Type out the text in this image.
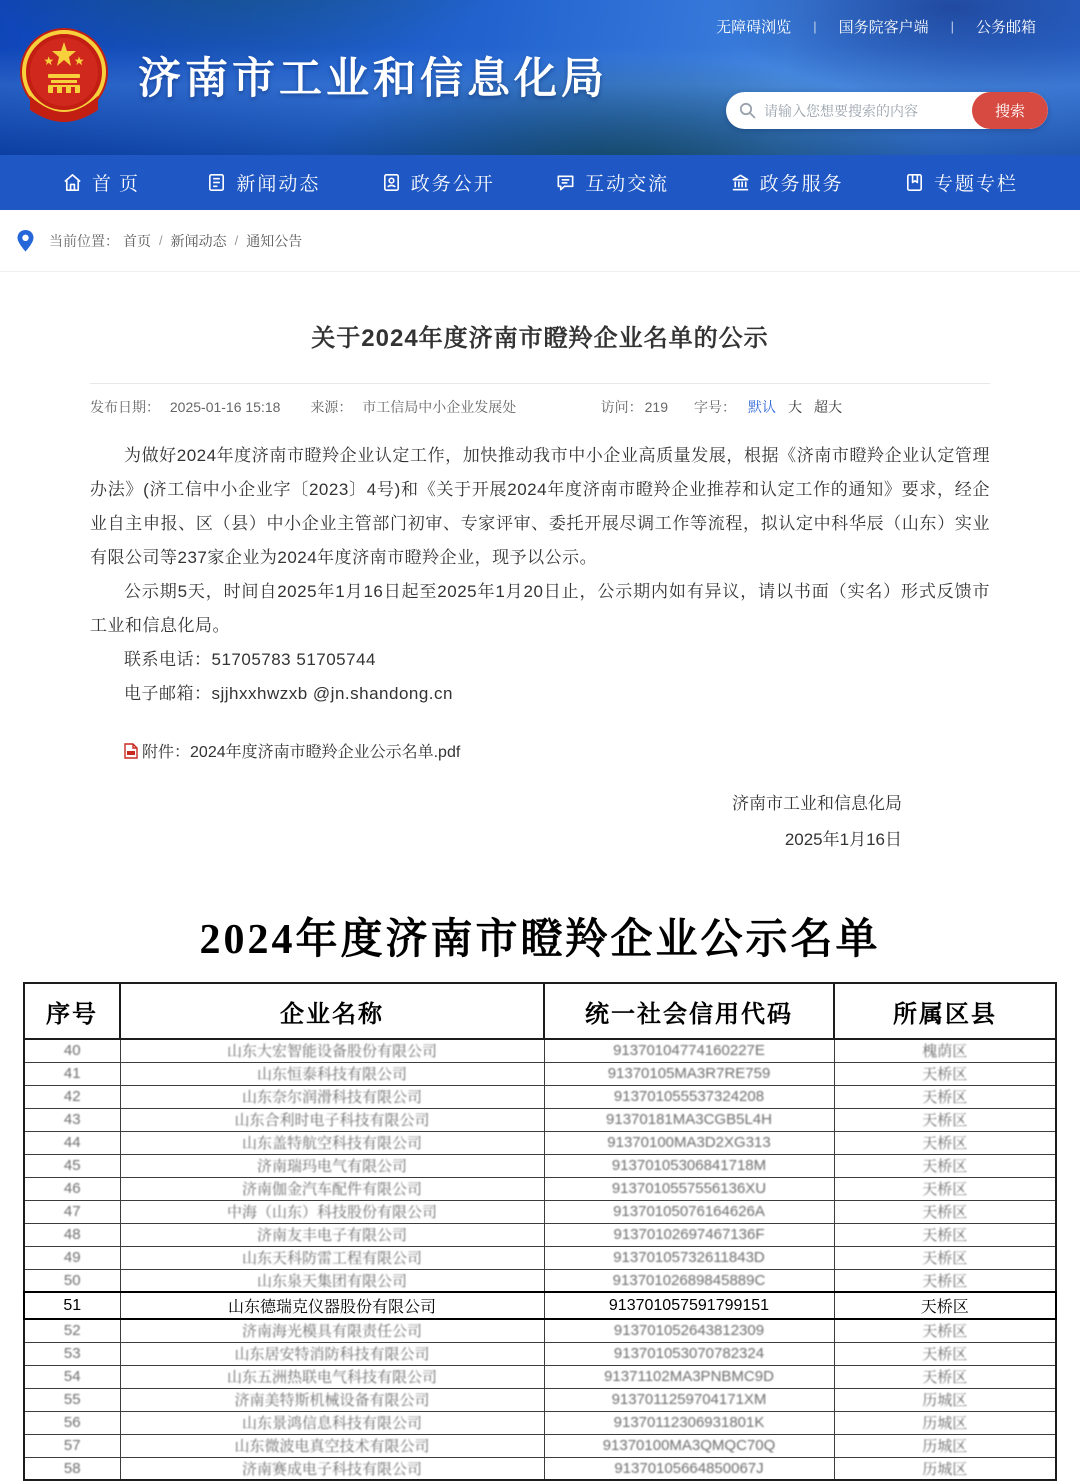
无障碍浏览	|	国务院客户端	|	公务邮箱
济南市工业和信息化局
请输入您想要搜索的内容
搜索
首页	新闻动态	政务公开	互动交流	政务服务	专题专栏
当前位置： 首页 / 新闻动态 / 通知公告
关于2024年度济南市瞪羚企业名单的公示
发布日期： 2025-01-16 15:18 来源： 市工信局中小企业发展处	访问： 219 字号： 默认 大 超大

为做好2024年度济南市瞪羚企业认定工作，加快推动我市中小企业高质量发展，根据《济南市瞪羚企业认定管理办法》(济工信中小企业字〔2023〕4号)和《关于开展2024年度济南市瞪羚企业推荐和认定工作的通知》要求，经企业自主申报、区（县）中小企业主管部门初审、专家评审、委托开展尽调工作等流程，拟认定中科华辰（山东）实业有限公司等237家企业为2024年度济南市瞪羚企业，现予以公示。

公示期5天，时间自2025年1月16日起至2025年1月20日止，公示期内如有异议，请以书面（实名）形式反馈市工业和信息化局。

联系电话：51705783 51705744

电子邮箱：sjjhxxhwzxb @jn.shandong.cn

附件： 2024年度济南市瞪羚企业公示名单.pdf
济南市工业和信息化局
2025年1月16日
2024年度济南市瞪羚企业公示名单
序号	企业名称	统一社会信用代码	所属区县
40	山东大宏智能设备股份有限公司	91370104774160227E	槐荫区
41	山东恒泰科技有限公司	91370105MA3R7RE759	天桥区
42	山东奈尔润滑科技有限公司	913701055537324208	天桥区
43	山东合利时电子科技有限公司	91370181MA3CGB5L4H	天桥区
44	山东盖特航空科技有限公司	91370100MA3D2XG313	天桥区
45	济南瑞玛电气有限公司	91370105306841718M	天桥区
46	济南伽金汽车配件有限公司	9137010557556136XU	天桥区
47	中海（山东）科技股份有限公司	91370105076164626A	天桥区
48	济南友丰电子有限公司	91370102697467136F	天桥区
49	山东天科防雷工程有限公司	91370105732611843D	天桥区
50	山东泉天集团有限公司	91370102689845889C	天桥区
51	山东德瑞克仪器股份有限公司	913701057591799151	天桥区
52	济南海光模具有限责任公司	913701052643812309	天桥区
53	山东居安特消防科技有限公司	913701053070782324	天桥区
54	山东五洲热联电气科技有限公司	91371102MA3PNBMC9D	天桥区
55	济南美特斯机械设备有限公司	9137011259704171XM	历城区
56	山东景鸿信息科技有限公司	91370112306931801K	历城区
57	山东微波电真空技术有限公司	91370100MA3QMQC70Q	历城区
58	济南赛成电子科技有限公司	91370105664850067J	历城区
